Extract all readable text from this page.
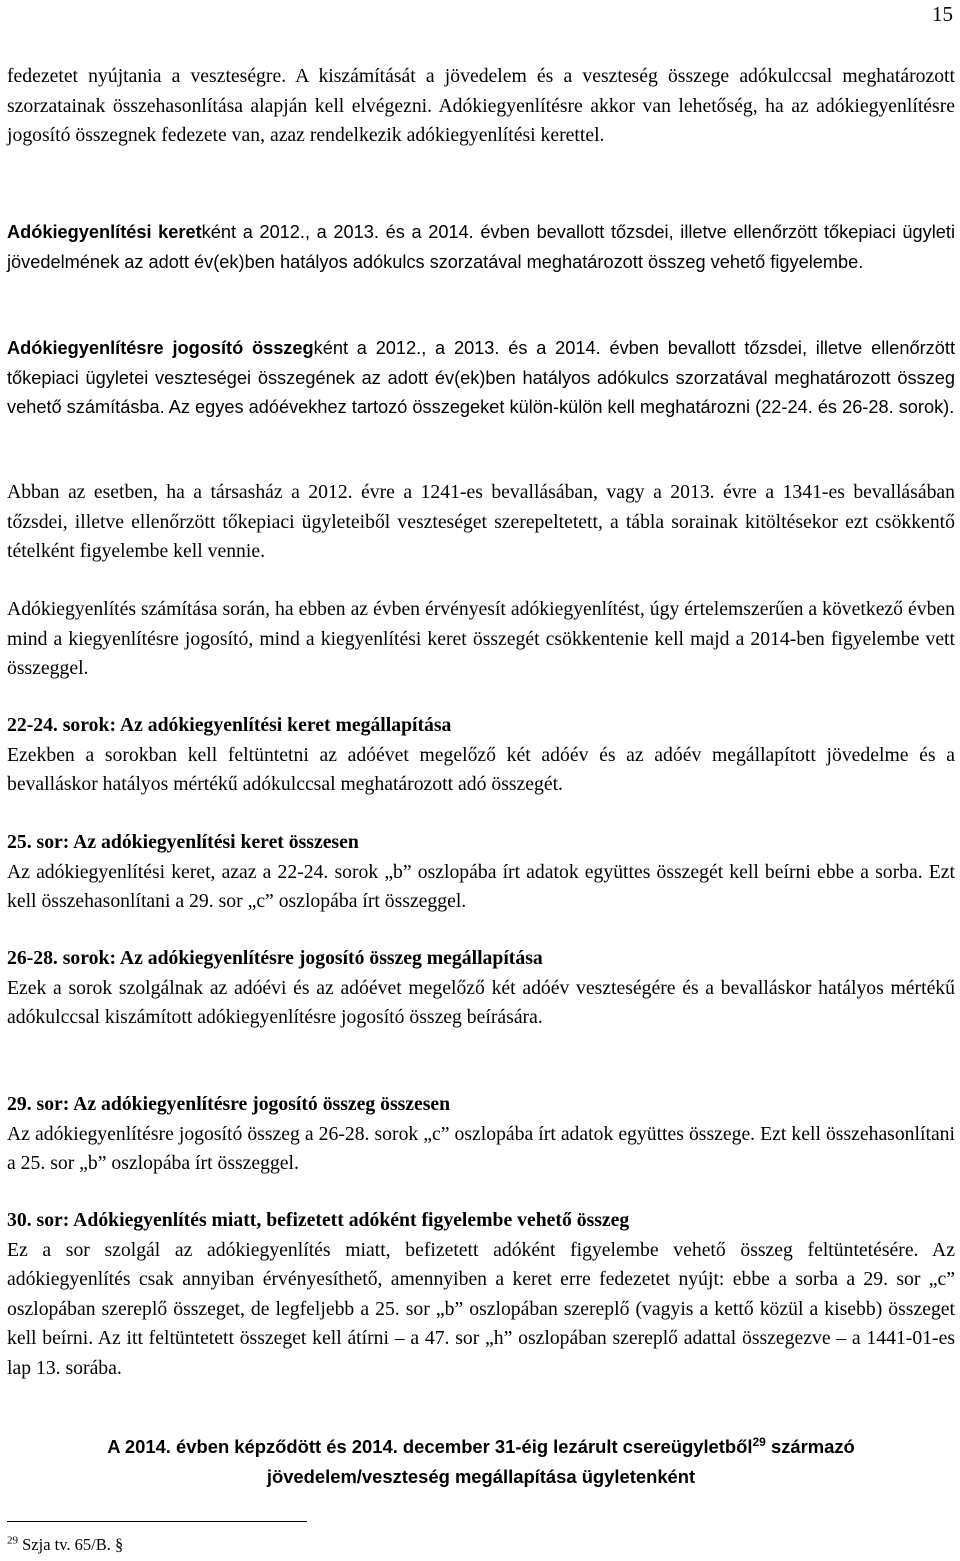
15

fedezetet nyújtania a veszteségre. A kiszámítását a jövedelem és a veszteség összege adókulccsal meghatározott szorzatainak összehasonlítása alapján kell elvégezni. Adókiegyenlítésre akkor van lehetőség, ha az adókiegyenlítésre jogosító összegnek fedezete van, azaz rendelkezik adókiegyenlítési kerettel.

Adókiegyenlítési keretként a 2012., a 2013. és a 2014. évben bevallott tőzsdei, illetve ellenőrzött tőkepiaci ügyleti jövedelmének az adott év(ek)ben hatályos adókulcs szorzatával meghatározott összeg vehető figyelembe.

Adókiegyenlítésre jogosító összegként a 2012., a 2013. és a 2014. évben bevallott tőzsdei, illetve ellenőrzött tőkepiaci ügyletei veszteségei összegének az adott év(ek)ben hatályos adókulcs szorzatával meghatározott összeg vehető számításba. Az egyes adóévekhez tartozó összegeket külön-külön kell meghatározni (22-24. és 26-28. sorok).

Abban az esetben, ha a társasház a 2012. évre a 1241-es bevallásában, vagy a 2013. évre a 1341-es bevallásában tőzsdei, illetve ellenőrzött tőkepiaci ügyleteiből veszteséget szerepeltetett, a tábla sorainak kitöltésekor ezt csökkentő tételként figyelembe kell vennie.

Adókiegyenlítés számítása során, ha ebben az évben érvényesít adókiegyenlítést, úgy értelemszerűen a következő évben mind a kiegyenlítésre jogosító, mind a kiegyenlítési keret összegét csökkentenie kell majd a 2014-ben figyelembe vett összeggel.

22-24. sorok: Az adókiegyenlítési keret megállapítása
Ezekben a sorokban kell feltüntetni az adóévet megelőző két adóév és az adóév megállapított jövedelme és a bevalláskor hatályos mértékű adókulccsal meghatározott adó összegét.
25. sor: Az adókiegyenlítési keret összesen
Az adókiegyenlítési keret, azaz a 22-24. sorok „b” oszlopába írt adatok együttes összegét kell beírni ebbe a sorba. Ezt kell összehasonlítani a 29. sor „c” oszlopába írt összeggel.
26-28. sorok: Az adókiegyenlítésre jogosító összeg megállapítása
Ezek a sorok szolgálnak az adóévi és az adóévet megelőző két adóév veszteségére és a bevalláskor hatályos mértékű adókulccsal kiszámított adókiegyenlítésre jogosító összeg beírására.
29. sor: Az adókiegyenlítésre jogosító összeg összesen
Az adókiegyenlítésre jogosító összeg a 26-28. sorok „c” oszlopába írt adatok együttes összege. Ezt kell összehasonlítani a 25. sor „b” oszlopába írt összeggel.
30. sor: Adókiegyenlítés miatt, befizetett adóként figyelembe vehető összeg
Ez a sor szolgál az adókiegyenlítés miatt, befizetett adóként figyelembe vehető összeg feltüntetésére. Az adókiegyenlítés csak annyiban érvényesíthető, amennyiben a keret erre fedezetet nyújt: ebbe a sorba a 29. sor „c” oszlopában szereplő összeget, de legfeljebb a 25. sor „b” oszlopában szereplő (vagyis a kettő közül a kisebb) összeget kell beírni. Az itt feltüntetett összeget kell átírni – a 47. sor „h” oszlopában szereplő adattal összegezve – a 1441-01-es lap 13. sorába.
A 2014. évben képződött és 2014. december 31-éig lezárult csereügyletből$^{29}$ származó
jövedelem/veszteség megállapítása ügyletenként

$^{29}$ Szja tv. 65/B. §
